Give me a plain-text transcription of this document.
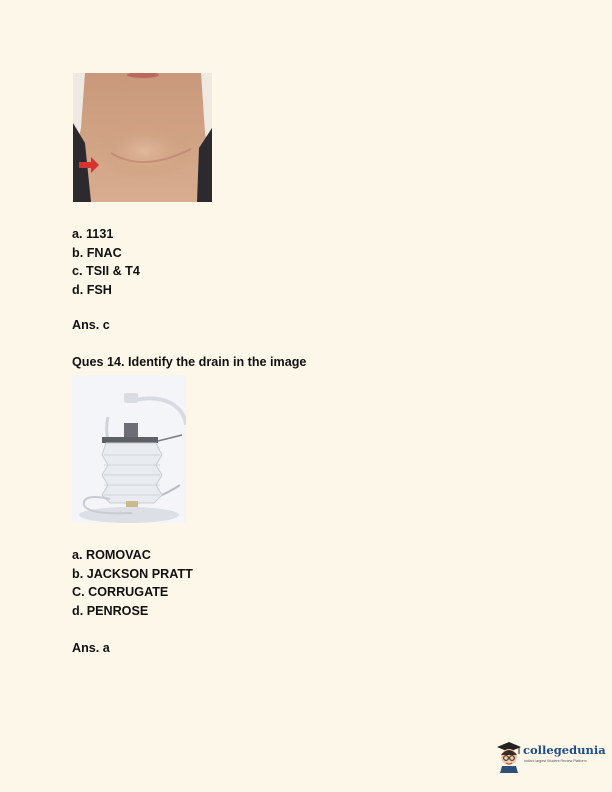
a. 1131
b. FNAC
c. TSII & T4
d. FSH
Ans. c
Ques 14. Identify the drain in the image
a. ROMOVAC
b. JACKSON PRATT
C. CORRUGATE
d. PENROSE
Ans. a
collegedunia
India's largest Student Review Platform
